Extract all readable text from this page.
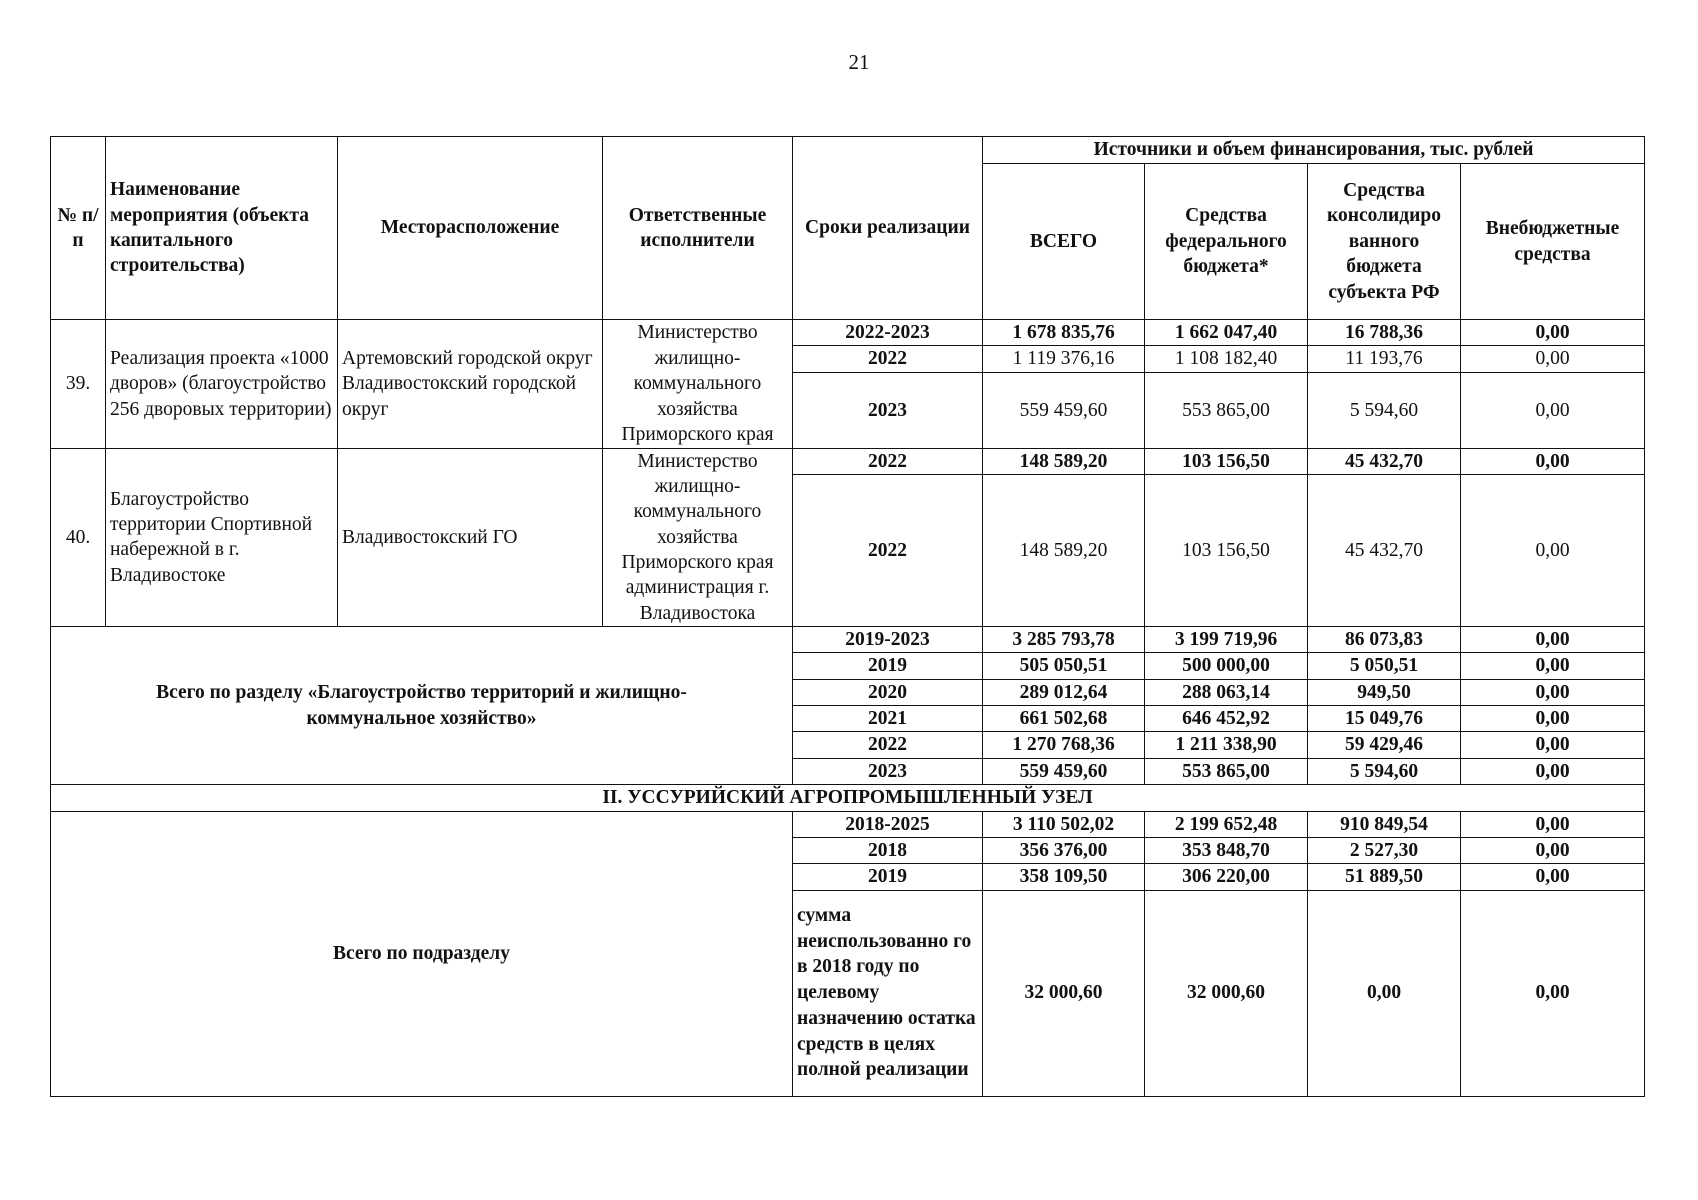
21
№ п/п	Наименование мероприятия (объекта капитального строительства)	Месторасположение	Ответственные исполнители	Сроки реализации	Источники и объем финансирования, тыс. рублей			
					ВСЕГО	Средства федерального бюджета*	Средства консолидиро ванного бюджета субъекта РФ	Внебюджетные средства
39.	Реализация проекта «1000 дворов» (благоустройство 256 дворовых территории)	Артемовский городской округ Владивостокский городской округ	Министерство жилищно-коммунального хозяйства Приморского края	2022-2023	1 678 835,76	1 662 047,40	16 788,36	0,00
				2022	1 119 376,16	1 108 182,40	11 193,76	0,00
				2023	559 459,60	553 865,00	5 594,60	0,00
40.	Благоустройство территории Спортивной набережной в г. Владивостоке	Владивостокский ГО	Министерство жилищно-коммунального хозяйства Приморского края администрация г. Владивостока	2022	148 589,20	103 156,50	45 432,70	0,00
				2022	148 589,20	103 156,50	45 432,70	0,00
Всего по разделу «Благоустройство территорий и жилищно-коммунальное хозяйство»				2019-2023	3 285 793,78	3 199 719,96	86 073,83	0,00
				2019	505 050,51	500 000,00	5 050,51	0,00
				2020	289 012,64	288 063,14	949,50	0,00
				2021	661 502,68	646 452,92	15 049,76	0,00
				2022	1 270 768,36	1 211 338,90	59 429,46	0,00
				2023	559 459,60	553 865,00	5 594,60	0,00
II. УССУРИЙСКИЙ АГРОПРОМЫШЛЕННЫЙ УЗЕЛ								
Всего по подразделу				2018-2025	3 110 502,02	2 199 652,48	910 849,54	0,00
				2018	356 376,00	353 848,70	2 527,30	0,00
				2019	358 109,50	306 220,00	51 889,50	0,00
				сумма неиспользованно го в 2018 году по целевому назначению остатка средств в целях полной реализации	32 000,60	32 000,60	0,00	0,00
